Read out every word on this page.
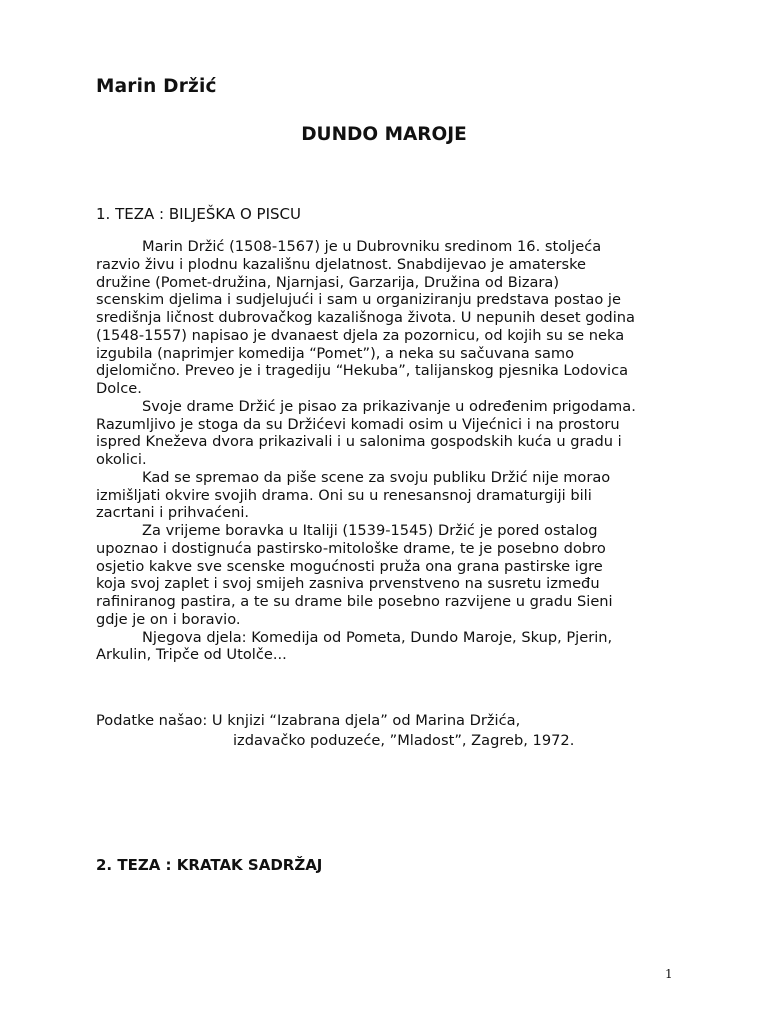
Marin Držić
DUNDO MAROJE
1. TEZA : BILJEŠKA O PISCU
Marin Držić (1508-1567) je u Dubrovniku sredinom 16. stoljeća
razvio živu i plodnu kazališnu djelatnost. Snabdijevao je amaterske
družine (Pomet-družina, Njarnjasi, Garzarija, Družina od Bizara)
scenskim djelima i sudjelujući i sam u organiziranju predstava postao je
središnja ličnost dubrovačkog kazališnoga života. U nepunih deset godina
(1548-1557) napisao je dvanaest djela za pozornicu, od kojih su se neka
izgubila (naprimjer komedija “Pomet”), a neka su sačuvana samo
djelomično. Preveo je i tragediju “Hekuba”, talijanskog pjesnika Lodovica
Dolce.
Svoje drame Držić je pisao za prikazivanje u određenim prigodama.
Razumljivo je stoga da su Držićevi komadi osim u Vijećnici i na prostoru
ispred Kneževa dvora prikazivali i u salonima gospodskih kuća u gradu i
okolici.
Kad se spremao da piše scene za svoju publiku Držić nije morao
izmišljati okvire svojih drama. Oni su u renesansnoj dramaturgiji bili
zacrtani i prihvaćeni.
Za vrijeme boravka u Italiji (1539-1545) Držić je pored ostalog
upoznao i dostignuća pastirsko-mitološke drame, te je posebno dobro
osjetio kakve sve scenske mogućnosti pruža ona grana pastirske igre
koja svoj zaplet i svoj smijeh zasniva prvenstveno na susretu između
rafiniranog pastira, a te su drame bile posebno razvijene u gradu Sieni
gdje je on i boravio.
Njegova djela: Komedija od Pometa, Dundo Maroje, Skup, Pjerin,
Arkulin, Tripče od Utolče...
Podatke našao: U knjizi “Izabrana djela” od Marina Držića,
izdavačko poduzeće, ”Mladost”, Zagreb, 1972.
2. TEZA : KRATAK SADRŽAJ
1
